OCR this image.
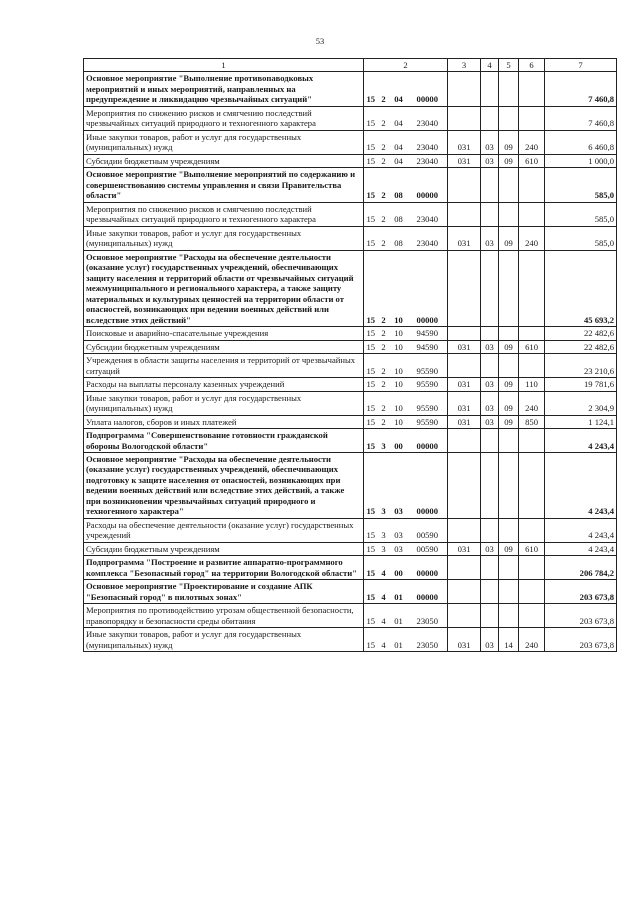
53
1	2				3	4	5	6	7
Основное мероприятие "Выполнение противопаводковых мероприятий и иных мероприятий, направленных на предупреждение и ликвидацию чрезвычайных ситуаций"	15	2	04	00000					7 460,8
Мероприятия по снижению рисков и смягчению последствий чрезвычайных ситуаций природного и техногенного характера	15	2	04	23040					7 460,8
Иные закупки товаров, работ и услуг для государственных (муниципальных) нужд	15	2	04	23040	031	03	09	240	6 460,8
Субсидии бюджетным учреждениям	15	2	04	23040	031	03	09	610	1 000,0
Основное мероприятие "Выполнение мероприятий по содержанию и совершенствованию системы управления и связи Правительства области"	15	2	08	00000					585,0
Мероприятия по снижению рисков и смягчению последствий чрезвычайных ситуаций природного и техногенного характера	15	2	08	23040					585,0
Иные закупки товаров, работ и услуг для государственных (муниципальных) нужд	15	2	08	23040	031	03	09	240	585,0
Основное мероприятие "Расходы на обеспечение деятельности (оказание услуг) государственных учреждений, обеспечивающих защиту населения и территорий области от чрезвычайных ситуаций межмуниципального и регионального характера, а также защиту материальных и культурных ценностей на территории области от опасностей, возникающих при ведении военных действий или вследствие этих действий"	15	2	10	00000					45 693,2
Поисковые и аварийно-спасательные учреждения	15	2	10	94590					22 482,6
Субсидии бюджетным учреждениям	15	2	10	94590	031	03	09	610	22 482,6
Учреждения в области защиты населения и территорий от чрезвычайных ситуаций	15	2	10	95590					23 210,6
Расходы на выплаты персоналу казенных учреждений	15	2	10	95590	031	03	09	110	19 781,6
Иные закупки товаров, работ и услуг для государственных (муниципальных) нужд	15	2	10	95590	031	03	09	240	2 304,9
Уплата налогов, сборов и иных платежей	15	2	10	95590	031	03	09	850	1 124,1
Подпрограмма "Совершенствование готовности гражданской обороны Вологодской области"	15	3	00	00000					4 243,4
Основное мероприятие "Расходы на обеспечение деятельности (оказание услуг) государственных учреждений, обеспечивающих подготовку к защите населения от опасностей, возникающих при ведении военных действий или вследствие этих действий, а также при возникновении чрезвычайных ситуаций природного и техногенного характера"	15	3	03	00000					4 243,4
Расходы на обеспечение деятельности (оказание услуг) государственных учреждений	15	3	03	00590					4 243,4
Субсидии бюджетным учреждениям	15	3	03	00590	031	03	09	610	4 243,4
Подпрограмма "Построение и развитие аппаратно-программного комплекса "Безопасный город" на территории Вологодской области"	15	4	00	00000					206 784,2
Основное мероприятие "Проектирование и создание АПК "Безопасный город" в пилотных зонах"	15	4	01	00000					203 673,8
Мероприятия по противодействию угрозам общественной безопасности, правопорядку и безопасности среды обитания	15	4	01	23050					203 673,8
Иные закупки товаров, работ и услуг для государственных (муниципальных) нужд	15	4	01	23050	031	03	14	240	203 673,8
